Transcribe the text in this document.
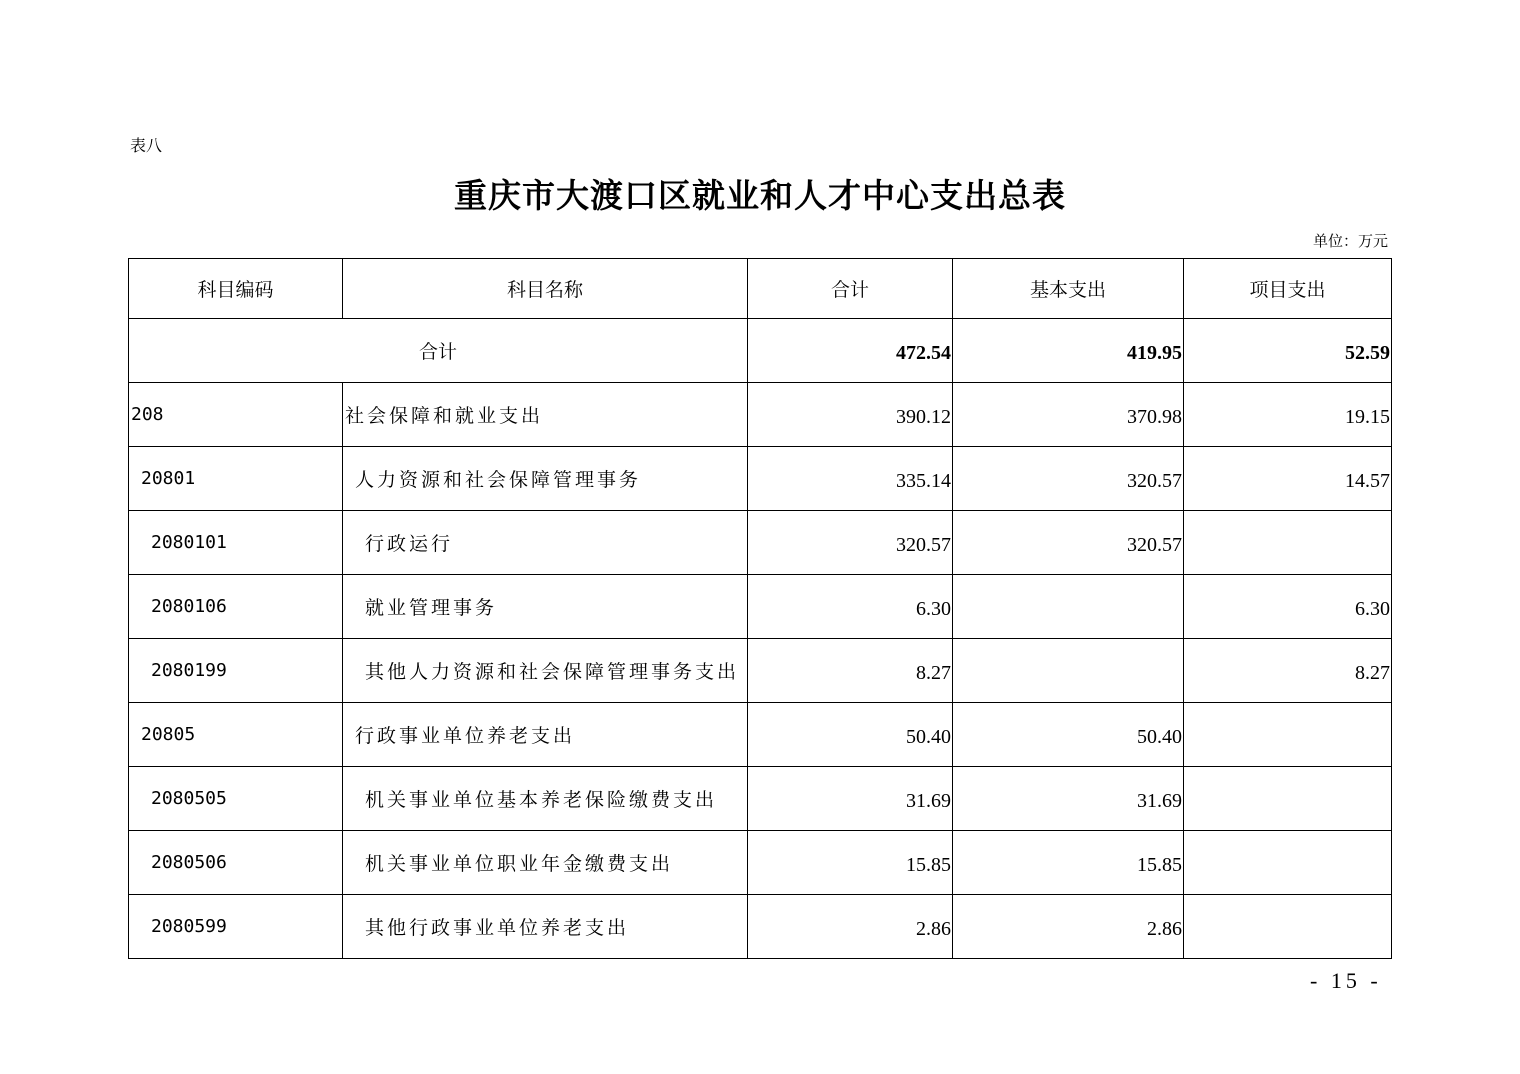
表八
重庆市大渡口区就业和人才中心支出总表
单位：万元
科目编码	科目名称	合计	基本支出	项目支出
合计		472.54	419.95	52.59
208	社会保障和就业支出	390.12	370.98	19.15
20801	人力资源和社会保障管理事务	335.14	320.57	14.57
2080101	行政运行	320.57	320.57	
2080106	就业管理事务	6.30		6.30
2080199	其他人力资源和社会保障管理事务支出	8.27		8.27
20805	行政事业单位养老支出	50.40	50.40	
2080505	机关事业单位基本养老保险缴费支出	31.69	31.69	
2080506	机关事业单位职业年金缴费支出	15.85	15.85	
2080599	其他行政事业单位养老支出	2.86	2.86	
- 15 -
